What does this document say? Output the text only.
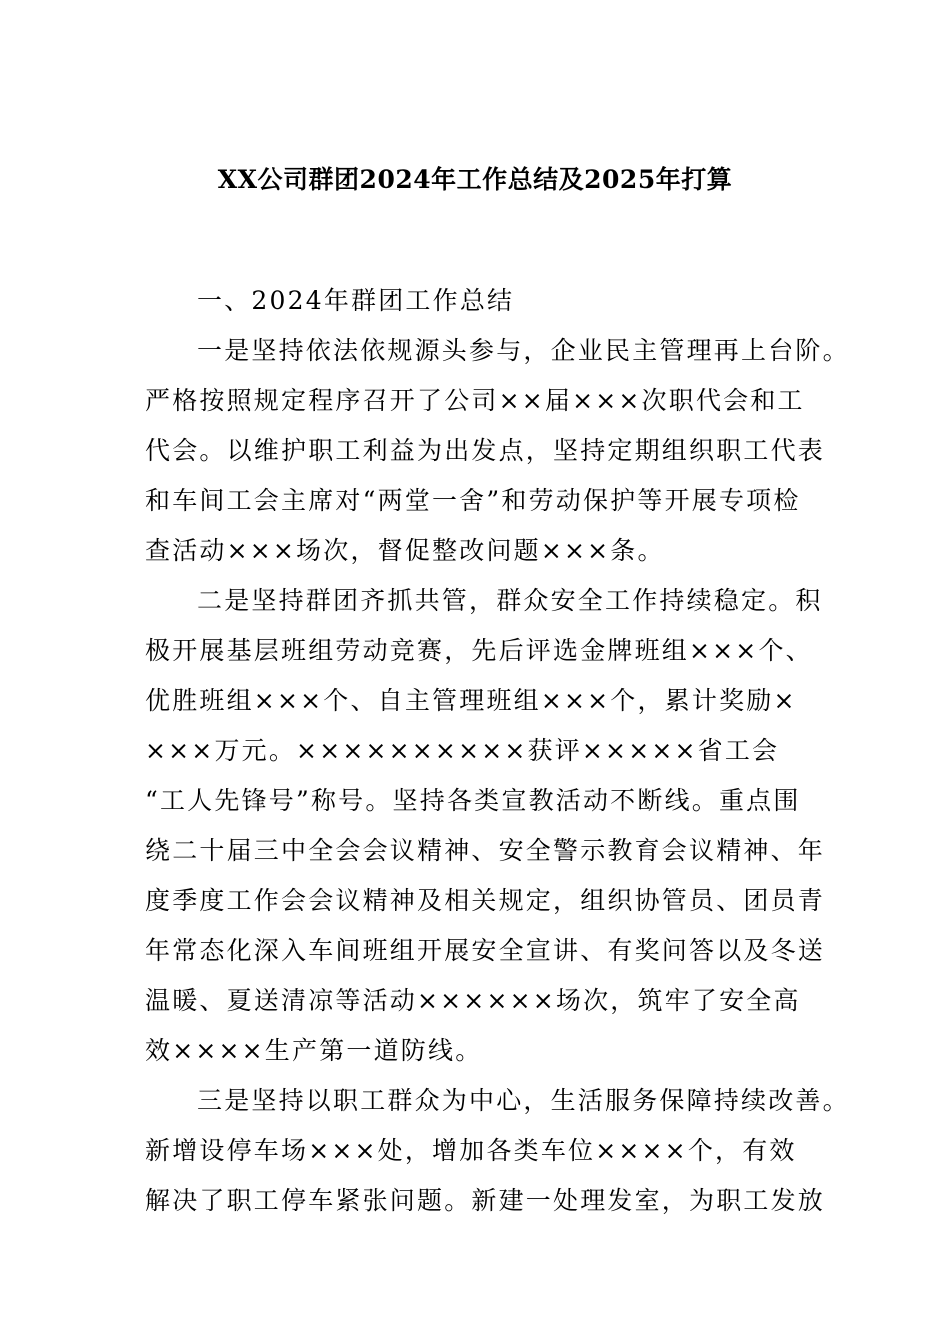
XX公司群团2024年工作总结及2025年打算
一、2024年群团工作总结
一是坚持依法依规源头参与，企业民主管理再上台阶。
严格按照规定程序召开了公司××届×××次职代会和工
代会。以维护职工利益为出发点，坚持定期组织职工代表
和车间工会主席对“两堂一舍”和劳动保护等开展专项检
查活动×××场次，督促整改问题×××条。
二是坚持群团齐抓共管，群众安全工作持续稳定。积
极开展基层班组劳动竞赛，先后评选金牌班组×××个、
优胜班组×××个、自主管理班组×××个，累计奖励×
×××万元。××××××××××获评×××××省工会
“工人先锋号”称号。坚持各类宣教活动不断线。重点围
绕二十届三中全会会议精神、安全警示教育会议精神、年
度季度工作会会议精神及相关规定，组织协管员、团员青
年常态化深入车间班组开展安全宣讲、有奖问答以及冬送
温暖、夏送清凉等活动××××××场次，筑牢了安全高
效××××生产第一道防线。
三是坚持以职工群众为中心，生活服务保障持续改善。
新增设停车场×××处，增加各类车位××××个，有效
解决了职工停车紧张问题。新建一处理发室，为职工发放
